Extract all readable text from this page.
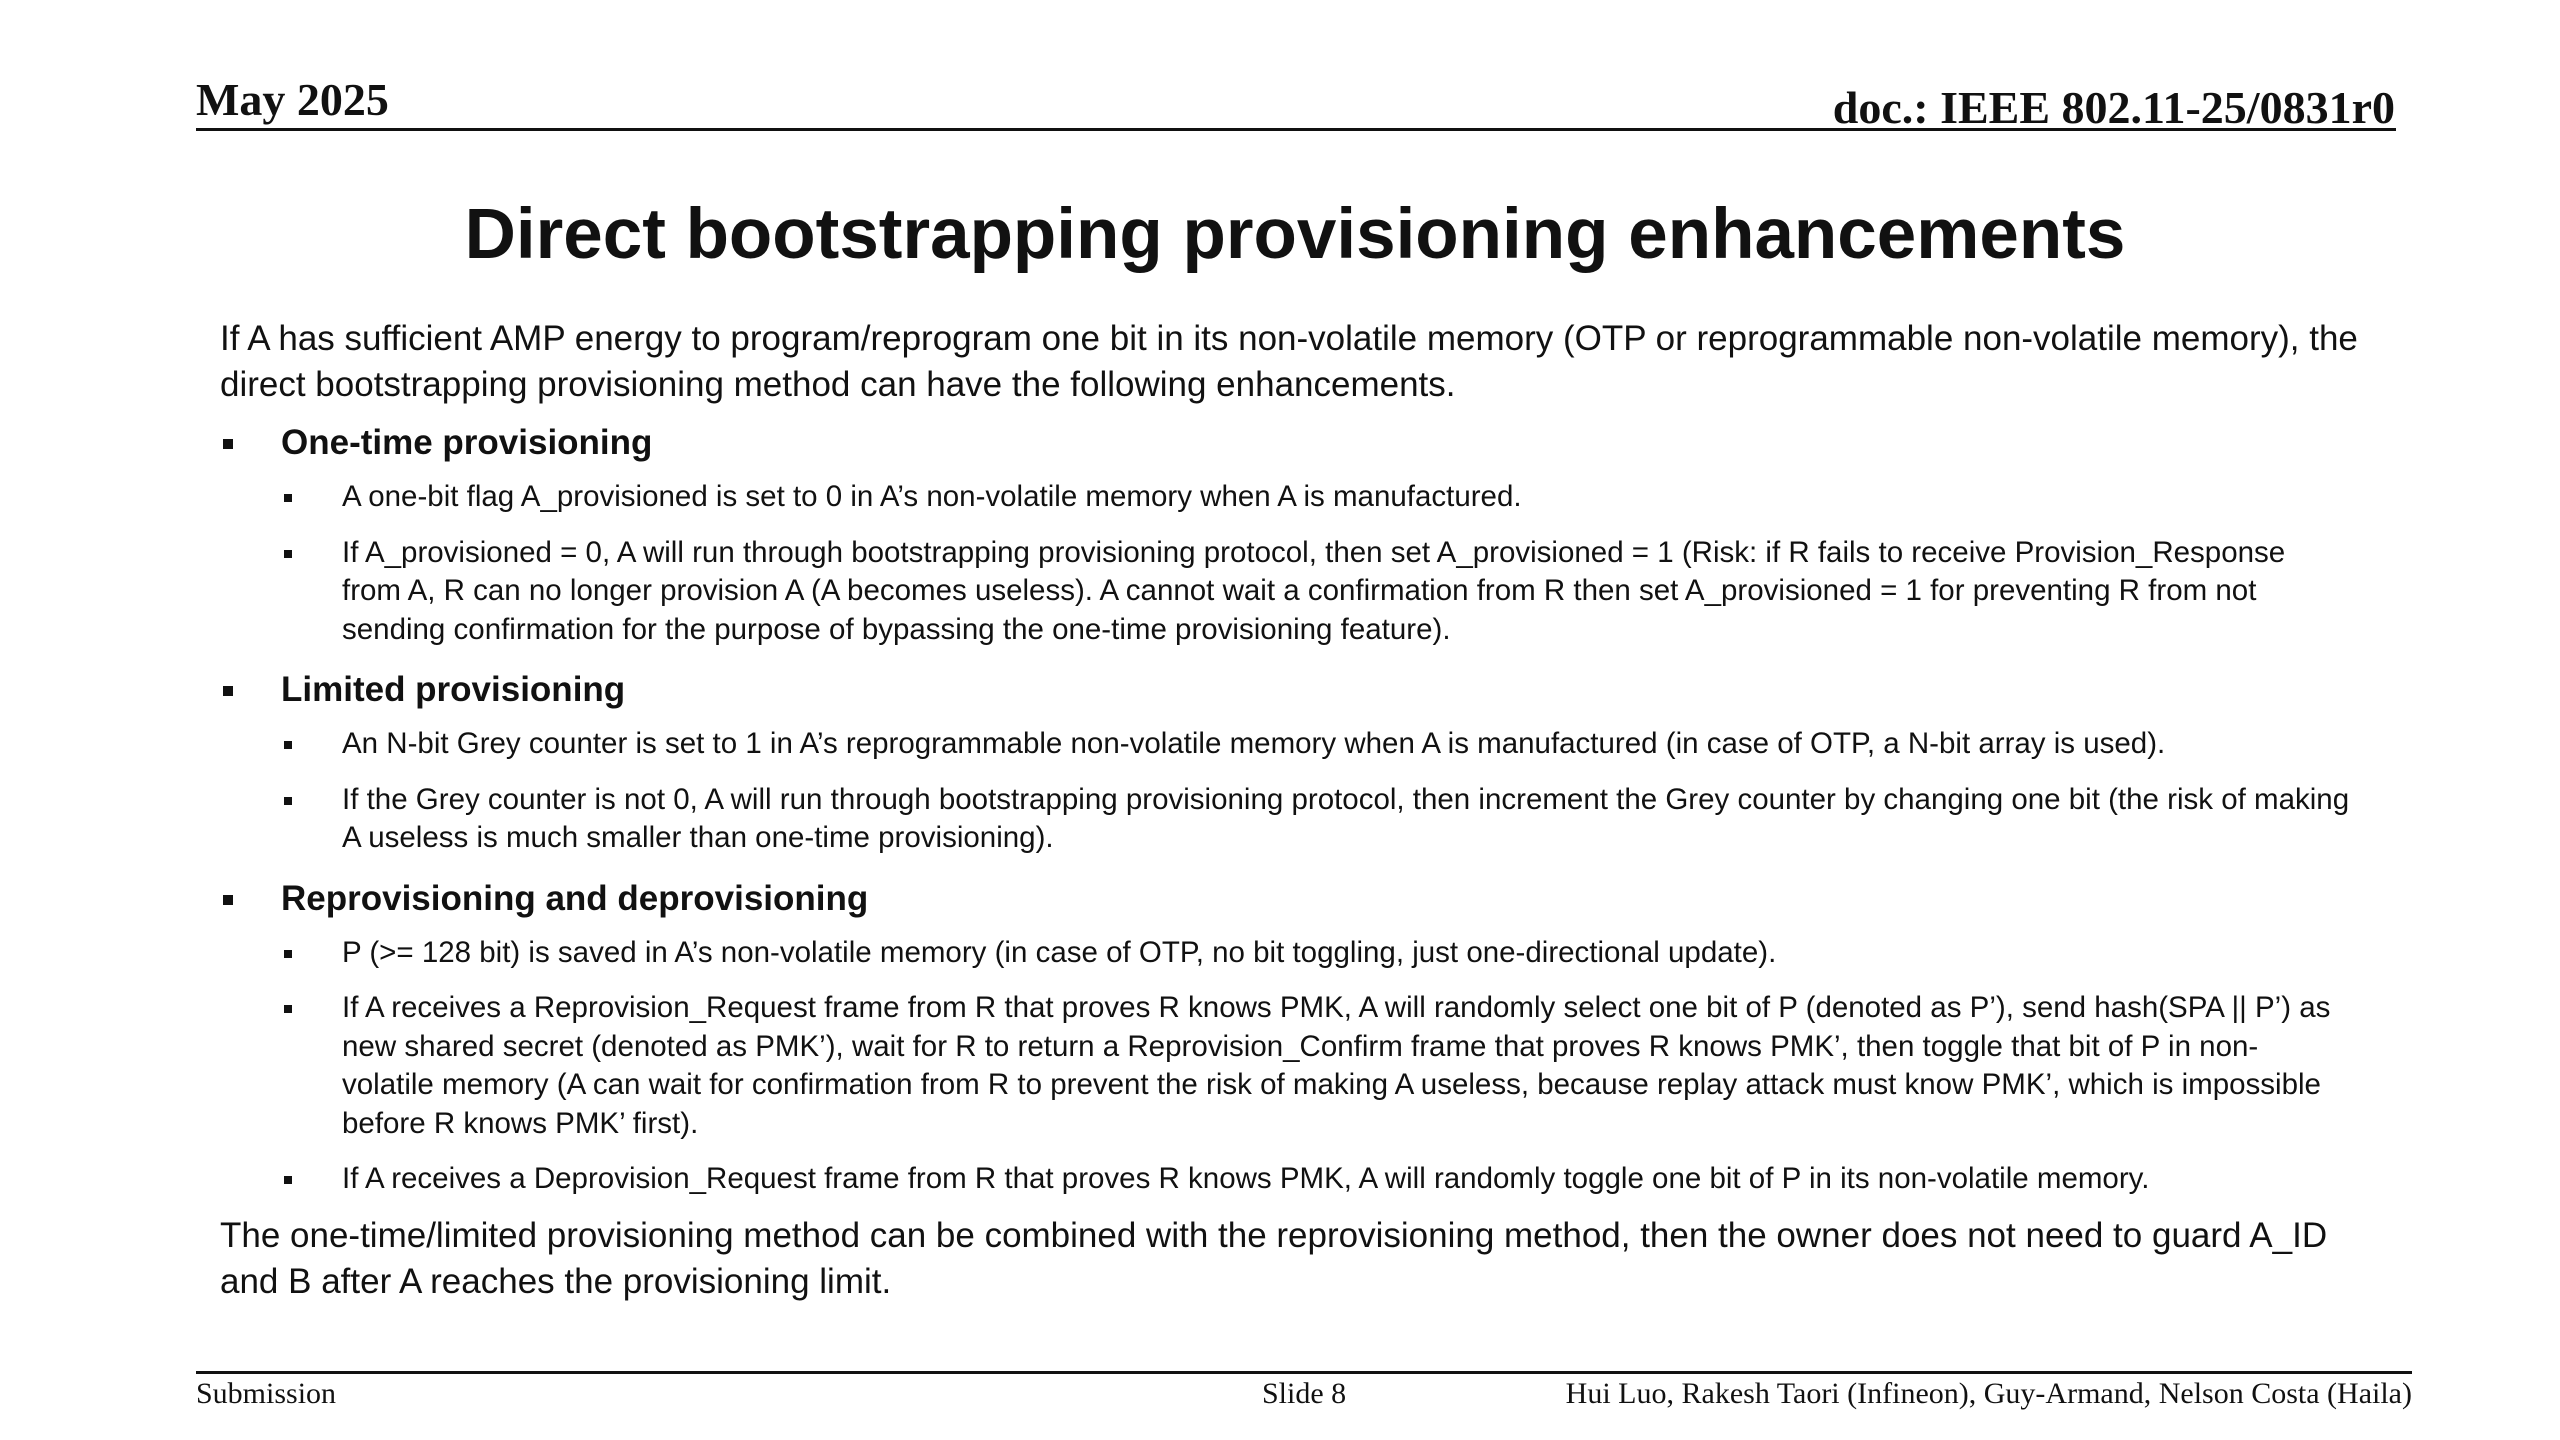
May 2025	doc.: IEEE 802.11-25/0831r0
Direct bootstrapping provisioning enhancements

If A has sufficient AMP energy to program/reprogram one bit in its non-volatile memory (OTP or reprogrammable non-volatile memory), the direct bootstrapping provisioning method can have the following enhancements.

One-time provisioning
A one-bit flag A_provisioned is set to 0 in A’s non-volatile memory when A is manufactured.
If A_provisioned = 0, A will run through bootstrapping provisioning protocol, then set A_provisioned = 1 (Risk: if R fails to receive Provision_Response from A, R can no longer provision A (A becomes useless). A cannot wait a confirmation from R then set A_provisioned = 1 for preventing R from not sending confirmation for the purpose of bypassing the one-time provisioning feature).
Limited provisioning
An N-bit Grey counter is set to 1 in A’s reprogrammable non-volatile memory when A is manufactured (in case of OTP, a N-bit array is used).
If the Grey counter is not 0, A will run through bootstrapping provisioning protocol, then increment the Grey counter by changing one bit (the risk of making A useless is much smaller than one-time provisioning).
Reprovisioning and deprovisioning
P (>= 128 bit) is saved in A’s non-volatile memory (in case of OTP, no bit toggling, just one-directional update).
If A receives a Reprovision_Request frame from R that proves R knows PMK, A will randomly select one bit of P (denoted as P’), send hash(SPA || P’) as new shared secret (denoted as PMK’), wait for R to return a Reprovision_Confirm frame that proves R knows PMK’, then toggle that bit of P in non-volatile memory (A can wait for confirmation from R to prevent the risk of making A useless, because replay attack must know PMK’, which is impossible before R knows PMK’ first).
If A receives a Deprovision_Request frame from R that proves R knows PMK, A will randomly toggle one bit of P in its non-volatile memory.

The one-time/limited provisioning method can be combined with the reprovisioning method, then the owner does not need to guard A_ID and B after A reaches the provisioning limit.

Submission	Slide 8	Hui Luo, Rakesh Taori (Infineon), Guy-Armand, Nelson Costa (Haila)
